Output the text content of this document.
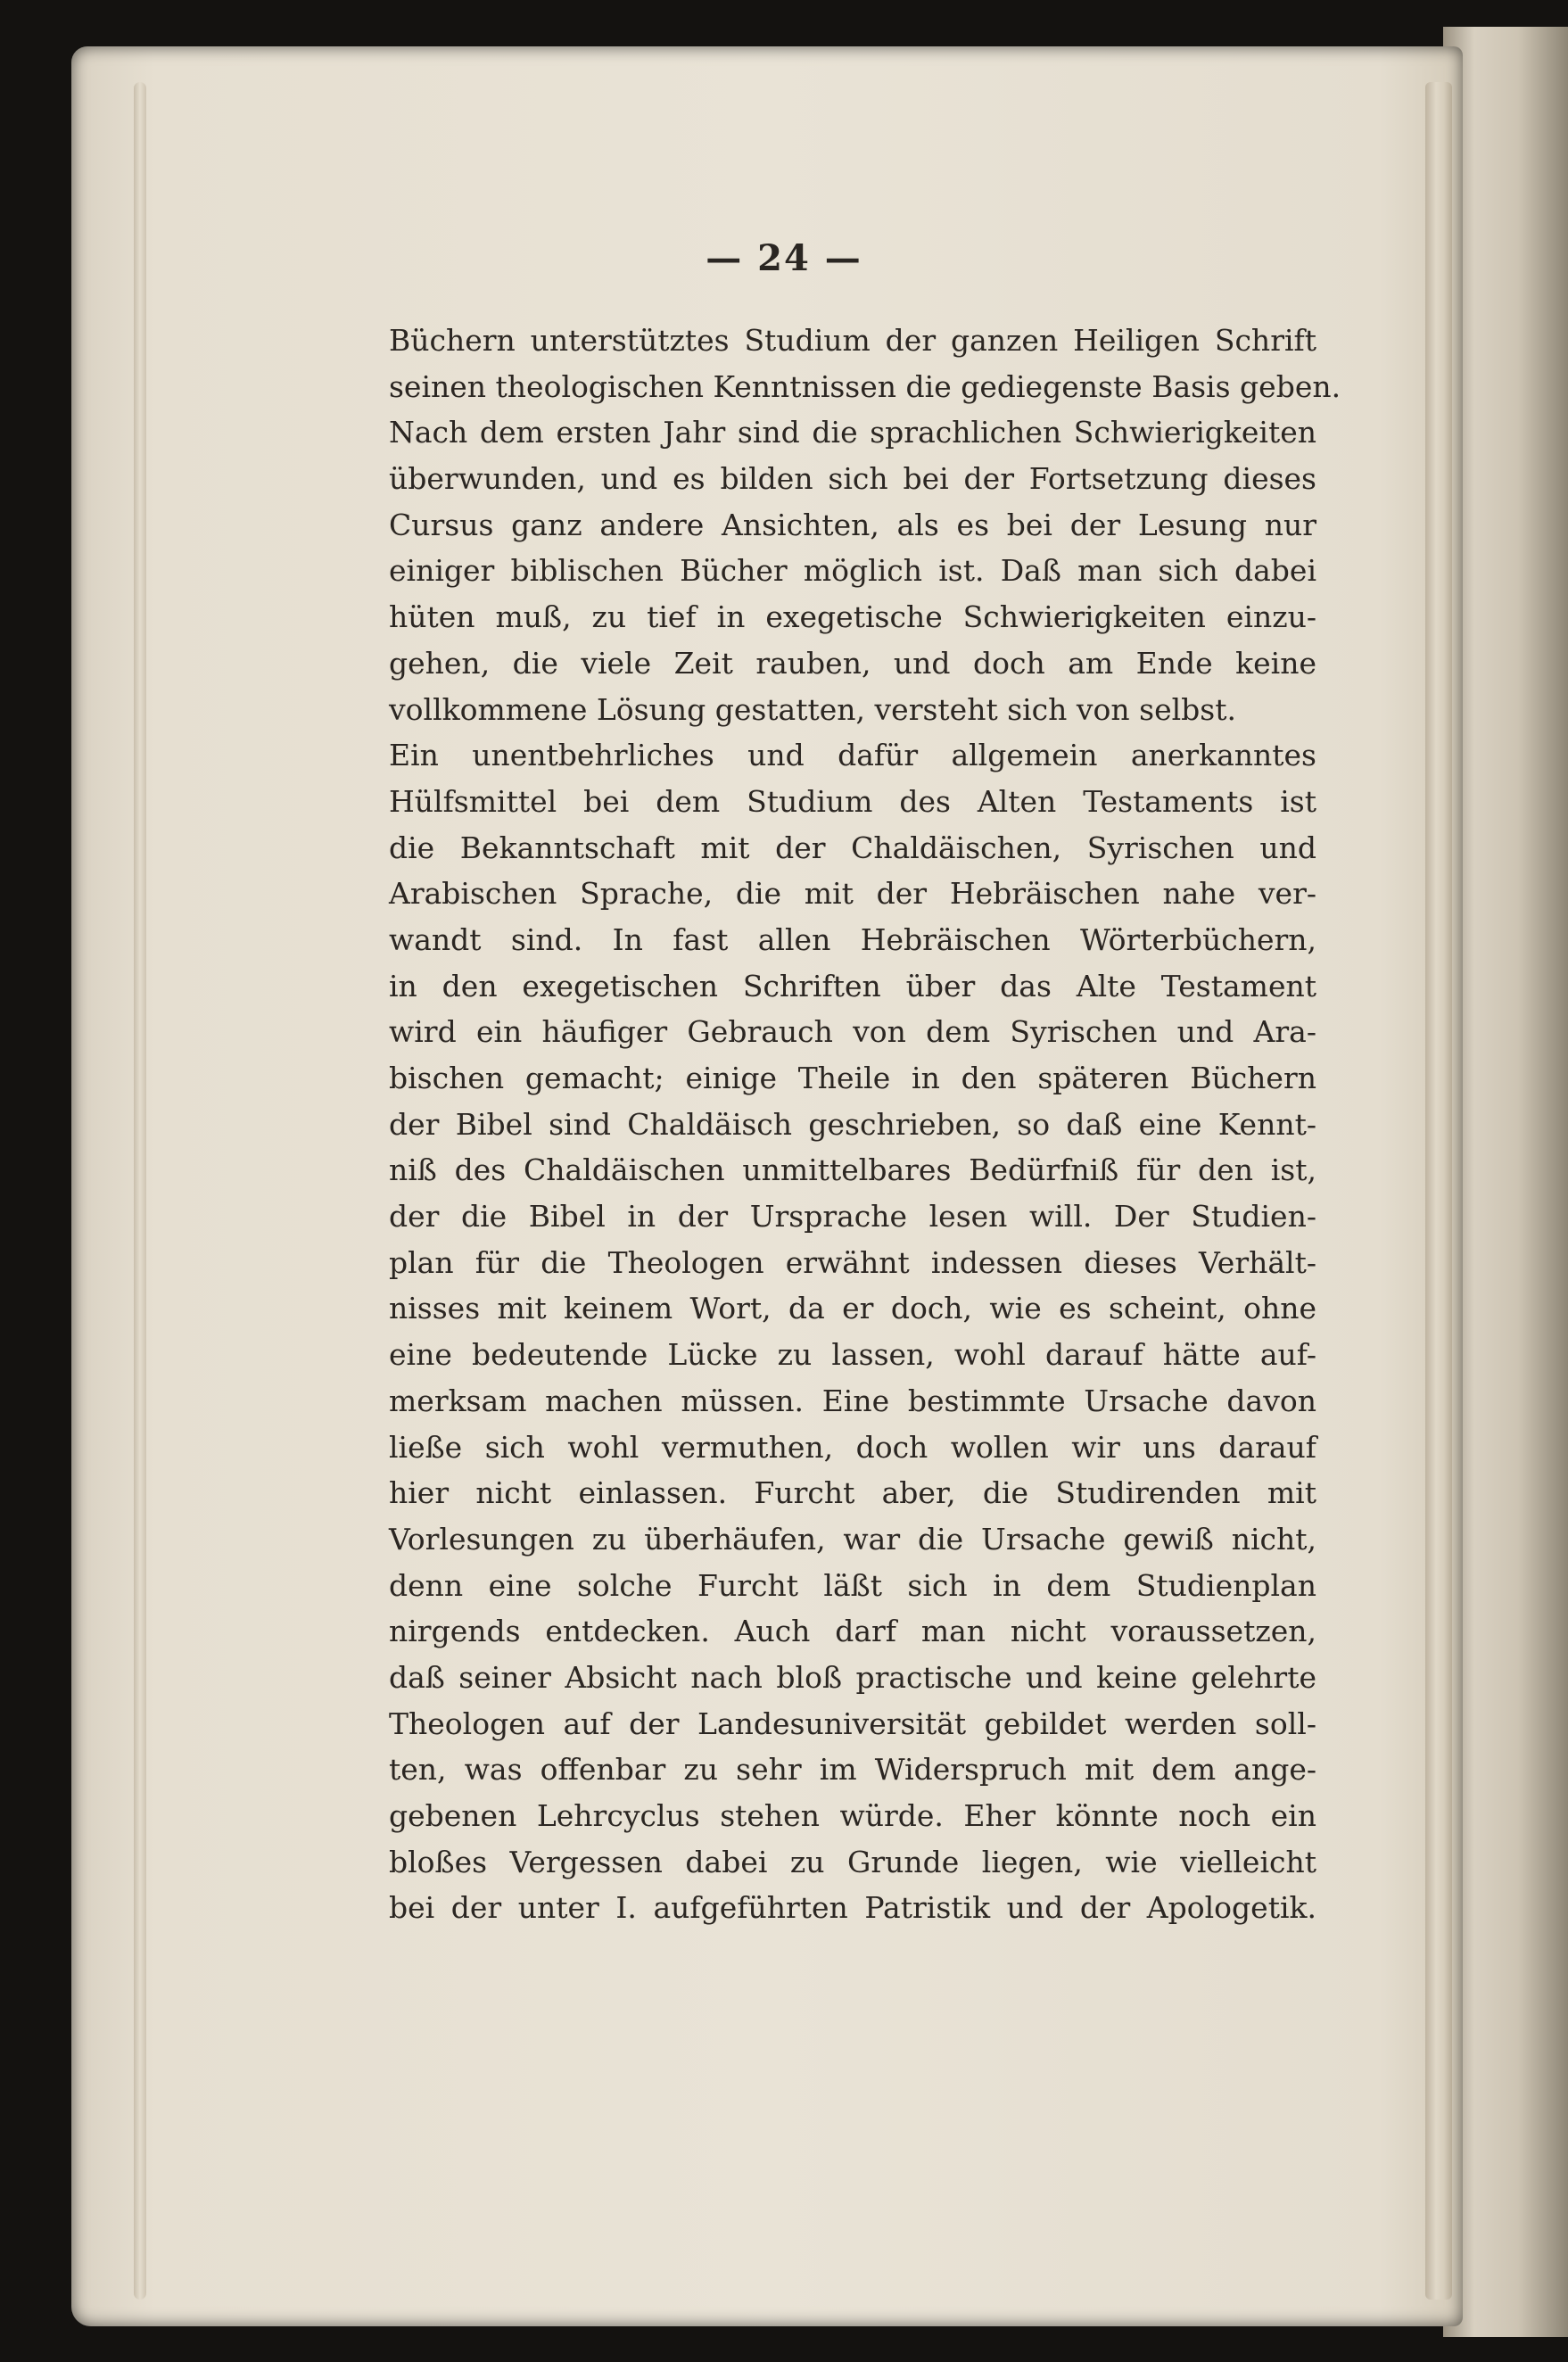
— 24 —
Büchern unterstütztes Studium der ganzen Heiligen Schrift
seinen theologischen Kenntnissen die gediegenste Basis geben.
Nach dem ersten Jahr sind die sprachlichen Schwierigkeiten
überwunden, und es bilden sich bei der Fortsetzung dieses
Cursus ganz andere Ansichten, als es bei der Lesung nur
einiger biblischen Bücher möglich ist. Daß man sich dabei
hüten muß, zu tief in exegetische Schwierigkeiten einzu-
gehen, die viele Zeit rauben, und doch am Ende keine
vollkommene Lösung gestatten, versteht sich von selbst.
Ein unentbehrliches und dafür allgemein anerkanntes
Hülfsmittel bei dem Studium des Alten Testaments ist
die Bekanntschaft mit der Chaldäischen, Syrischen und
Arabischen Sprache, die mit der Hebräischen nahe ver-
wandt sind. In fast allen Hebräischen Wörterbüchern,
in den exegetischen Schriften über das Alte Testament
wird ein häufiger Gebrauch von dem Syrischen und Ara-
bischen gemacht; einige Theile in den späteren Büchern
der Bibel sind Chaldäisch geschrieben, so daß eine Kennt-
niß des Chaldäischen unmittelbares Bedürfniß für den ist,
der die Bibel in der Ursprache lesen will. Der Studien-
plan für die Theologen erwähnt indessen dieses Verhält-
nisses mit keinem Wort, da er doch, wie es scheint, ohne
eine bedeutende Lücke zu lassen, wohl darauf hätte auf-
merksam machen müssen. Eine bestimmte Ursache davon
ließe sich wohl vermuthen, doch wollen wir uns darauf
hier nicht einlassen. Furcht aber, die Studirenden mit
Vorlesungen zu überhäufen, war die Ursache gewiß nicht,
denn eine solche Furcht läßt sich in dem Studienplan
nirgends entdecken. Auch darf man nicht voraussetzen,
daß seiner Absicht nach bloß practische und keine gelehrte
Theologen auf der Landesuniversität gebildet werden soll-
ten, was offenbar zu sehr im Widerspruch mit dem ange-
gebenen Lehrcyclus stehen würde. Eher könnte noch ein
bloßes Vergessen dabei zu Grunde liegen, wie vielleicht
bei der unter I. aufgeführten Patristik und der Apologetik.
